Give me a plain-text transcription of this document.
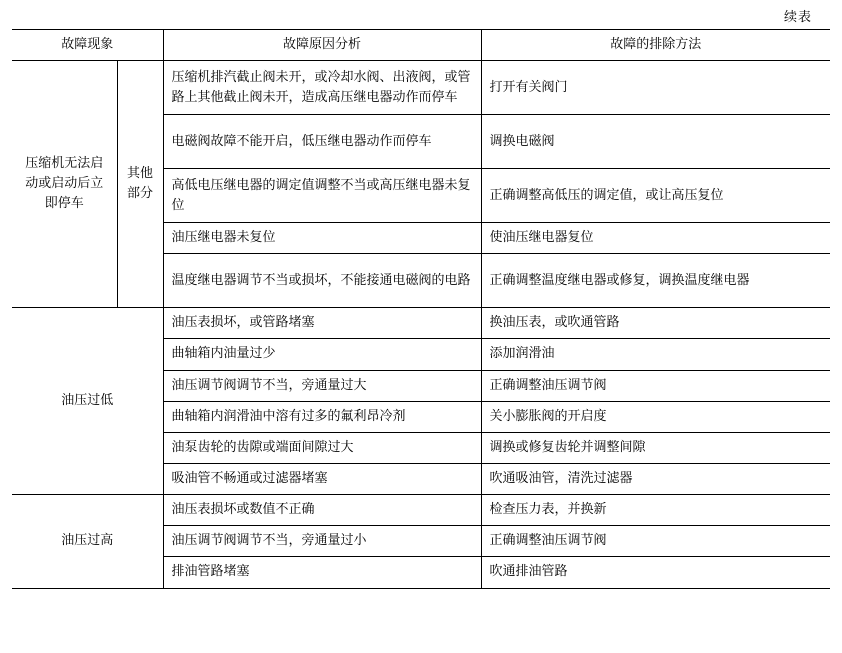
续表
故障现象		故障原因分析	故障的排除方法
压缩机无法启动或启动后立即停车	其他部分	压缩机排汽截止阀未开，或冷却水阀、出液阀，或管路上其他截止阀未开，造成高压继电器动作而停车	打开有关阀门
		电磁阀故障不能开启，低压继电器动作而停车	调换电磁阀
		高低电压继电器的调定值调整不当或高压继电器未复位	正确调整高低压的调定值，或让高压复位
		油压继电器未复位	使油压继电器复位
		温度继电器调节不当或损坏，不能接通电磁阀的电路	正确调整温度继电器或修复，调换温度继电器
油压过低		油压表损坏，或管路堵塞	换油压表，或吹通管路
		曲轴箱内油量过少	添加润滑油
		油压调节阀调节不当，旁通量过大	正确调整油压调节阀
		曲轴箱内润滑油中溶有过多的氟利昂冷剂	关小膨胀阀的开启度
		油泵齿轮的齿隙或端面间隙过大	调换或修复齿轮并调整间隙
		吸油管不畅通或过滤器堵塞	吹通吸油管，清洗过滤器
油压过高		油压表损坏或数值不正确	检查压力表，并换新
		油压调节阀调节不当，旁通量过小	正确调整油压调节阀
		排油管路堵塞	吹通排油管路
